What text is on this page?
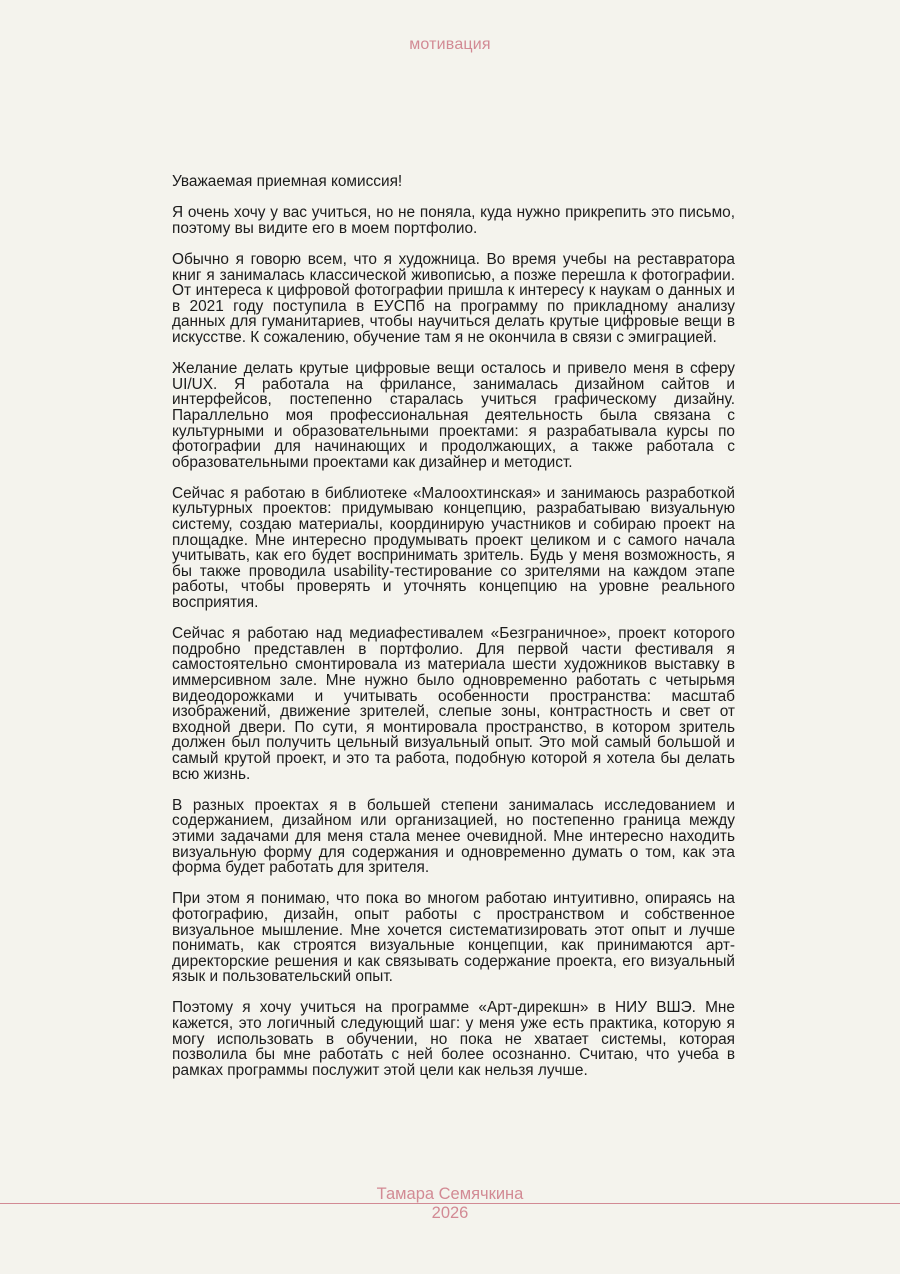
мотивация

Уважаемая приемная комиссия!

Я очень хочу у вас учиться, но не поняла, куда нужно прикрепить это письмо, поэтому вы видите его в моем портфолио.

Обычно я говорю всем, что я художница. Во время учебы на реставратора книг я занималась классической живописью, а позже перешла к фотографии. От интереса к цифровой фотографии пришла к интересу к наукам о данных и в 2021 году поступила в ЕУСПб на программу по прикладному анализу данных для гуманитариев, чтобы научиться делать крутые цифровые вещи в искусстве. К сожалению, обучение там я не окончила в связи с эмиграцией.

Желание делать крутые цифровые вещи осталось и привело меня в сферу UI/UX. Я работала на фрилансе, занималась дизайном сайтов и интерфейсов, постепенно старалась учиться графическому дизайну. Параллельно моя профессиональная деятельность была связана с культурными и образовательными проектами: я разрабатывала курсы по фотографии для начинающих и продолжающих, а также работала с образовательными проектами как дизайнер и методист.

Сейчас я работаю в библиотеке «Малоохтинская» и занимаюсь разработкой культурных проектов: придумываю концепцию, разрабатываю визуальную систему, создаю материалы, координирую участников и собираю проект на площадке. Мне интересно продумывать проект целиком и с самого начала учитывать, как его будет воспринимать зритель. Будь у меня возможность, я бы также проводила usability-тестирование со зрителями на каждом этапе работы, чтобы проверять и уточнять концепцию на уровне реального восприятия.

Сейчас я работаю над медиафестивалем «Безграничное», проект которого подробно представлен в портфолио. Для первой части фестиваля я самостоятельно смонтировала из материала шести художников выставку в иммерсивном зале. Мне нужно было одновременно работать с четырьмя видеодорожками и учитывать особенности пространства: масштаб изображений, движение зрителей, слепые зоны, контрастность и свет от входной двери. По сути, я монтировала пространство, в котором зритель должен был получить цельный визуальный опыт. Это мой самый большой и самый крутой проект, и это та работа, подобную которой я хотела бы делать всю жизнь.

В разных проектах я в большей степени занималась исследованием и содержанием, дизайном или организацией, но постепенно граница между этими задачами для меня стала менее очевидной. Мне интересно находить визуальную форму для содержания и одновременно думать о том, как эта форма будет работать для зрителя.

При этом я понимаю, что пока во многом работаю интуитивно, опираясь на фотографию, дизайн, опыт работы с пространством и собственное визуальное мышление. Мне хочется систематизировать этот опыт и лучше понимать, как строятся визуальные концепции, как принимаются арт-директорские решения и как связывать содержание проекта, его визуальный язык и пользовательский опыт.

Поэтому я хочу учиться на программе «Арт-дирекшн» в НИУ ВШЭ. Мне кажется, это логичный следующий шаг: у меня уже есть практика, которую я могу использовать в обучении, но пока не хватает системы, которая позволила бы мне работать с ней более осознанно. Считаю, что учеба в рамках программы послужит этой цели как нельзя лучше.

Тамара Семячкина
2026
